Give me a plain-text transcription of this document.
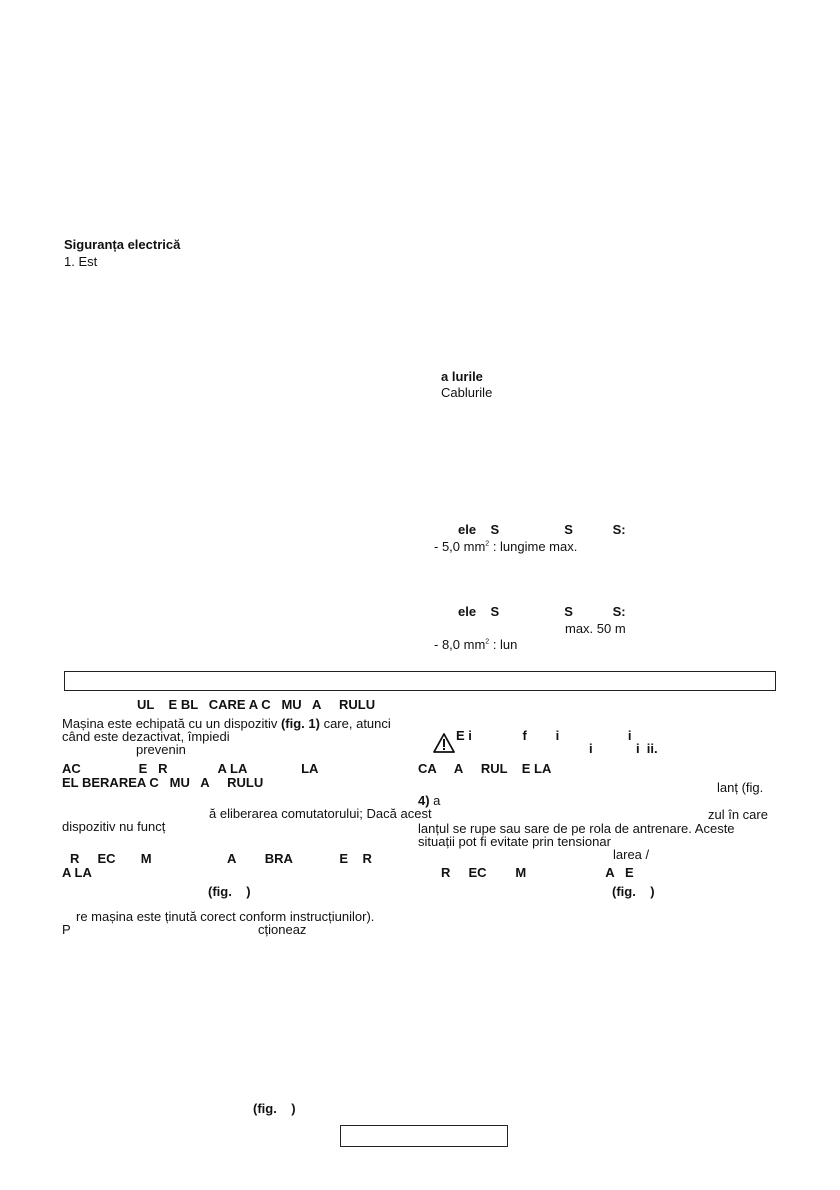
Siguranța electrică
1. Est
a lurile
Cablurile
ele    S                  S           S:
- 5,0 $mm^2$ : lungime max.
ele    S                  S           S:
max. 50 m
- 8,0 $mm^2$ : lun
UL    E BL   CARE A C   MU   A     RULU
Mașina este echipată cu un dispozitiv (fig. 1) care, atunci
când este dezactivat, împiedi
prevenin
AC                E   R              A LA               LA
EL BERAREA C   MU   A     RULU
ă eliberarea comutatorului; Dacă acest
dispozitiv nu funcț
R     EC       M                     A        BRA             E    R
A LA
(fig.    )
re mașina este ținută corect conform instrucțiunilor).
P	cționeaz
(fig.    )
E i              f        i                   i
i            i  ii.
CA     A     RUL    E LA
lanț (fig.
4) a
zul în care
lanțul se rupe sau sare de pe rola de antrenare. Aceste
situații pot fi evitate prin tensionar
larea /
R     EC        M                      A   E
(fig.    )
